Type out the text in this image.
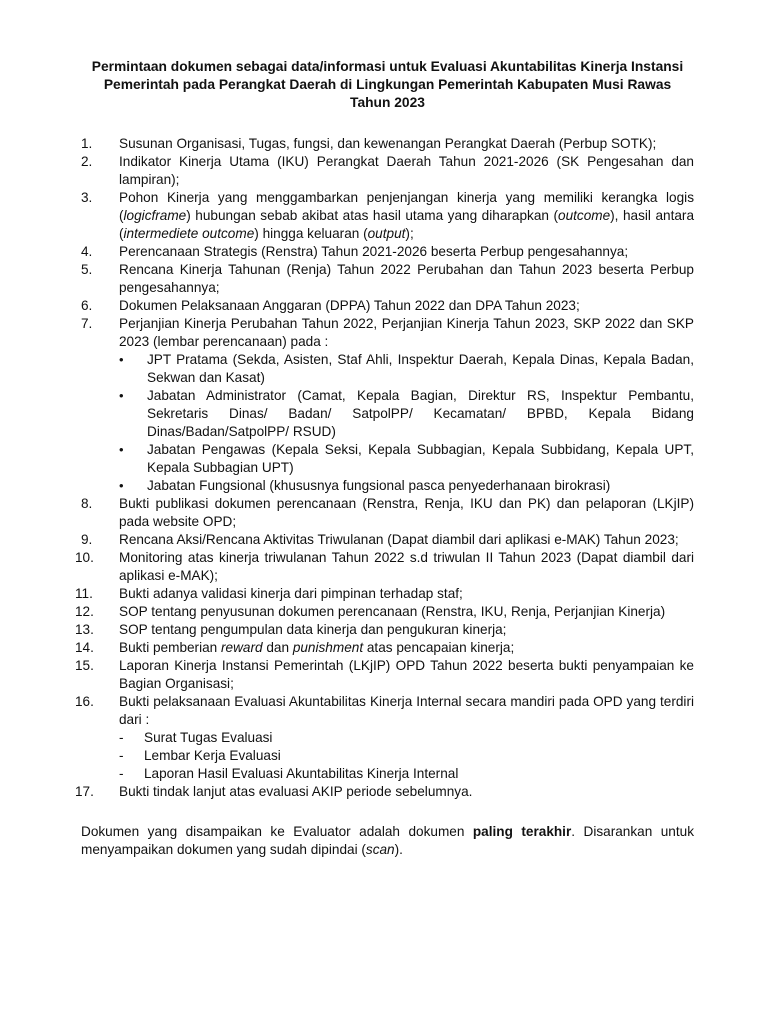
Permintaan dokumen sebagai data/informasi untuk Evaluasi Akuntabilitas Kinerja Instansi
Pemerintah pada Perangkat Daerah di Lingkungan Pemerintah Kabupaten Musi Rawas
Tahun 2023
1.	Susunan Organisasi, Tugas, fungsi, dan kewenangan Perangkat Daerah (Perbup SOTK);
2.	Indikator Kinerja Utama (IKU) Perangkat Daerah Tahun 2021-2026 (SK Pengesahan dan lampiran);
3.	Pohon Kinerja yang menggambarkan penjenjangan kinerja yang memiliki kerangka logis (logicframe) hubungan sebab akibat atas hasil utama yang diharapkan (outcome), hasil antara (intermediete outcome) hingga keluaran (output);
4.	Perencanaan Strategis (Renstra) Tahun 2021-2026 beserta Perbup pengesahannya;
5.	Rencana Kinerja Tahunan (Renja) Tahun 2022 Perubahan dan Tahun 2023 beserta Perbup pengesahannya;
6.	Dokumen Pelaksanaan Anggaran (DPPA) Tahun 2022 dan DPA Tahun 2023;
7.	Perjanjian Kinerja Perubahan Tahun 2022, Perjanjian Kinerja Tahun 2023, SKP 2022 dan SKP 2023 (lembar perencanaan) pada :
•	JPT Pratama (Sekda, Asisten, Staf Ahli, Inspektur Daerah, Kepala Dinas, Kepala Badan, Sekwan dan Kasat)
•	Jabatan Administrator (Camat, Kepala Bagian, Direktur RS, Inspektur Pembantu, Sekretaris Dinas/ Badan/ SatpolPP/ Kecamatan/ BPBD, Kepala Bidang Dinas/Badan/SatpolPP/ RSUD)
•	Jabatan Pengawas (Kepala Seksi, Kepala Subbagian, Kepala Subbidang, Kepala UPT, Kepala Subbagian UPT)
•	Jabatan Fungsional (khususnya fungsional pasca penyederhanaan birokrasi)
8.	Bukti publikasi dokumen perencanaan (Renstra, Renja, IKU dan PK) dan pelaporan (LKjIP) pada website OPD;
9.	Rencana Aksi/Rencana Aktivitas Triwulanan (Dapat diambil dari aplikasi e-MAK) Tahun 2023;
10.	Monitoring atas kinerja triwulanan Tahun 2022 s.d triwulan II Tahun 2023 (Dapat diambil dari aplikasi e-MAK);
11.	Bukti adanya validasi kinerja dari pimpinan terhadap staf;
12.	SOP tentang penyusunan dokumen perencanaan (Renstra, IKU, Renja, Perjanjian Kinerja)
13.	SOP tentang pengumpulan data kinerja dan pengukuran kinerja;
14.	Bukti pemberian reward dan punishment atas pencapaian kinerja;
15.	Laporan Kinerja Instansi Pemerintah (LKjIP) OPD Tahun 2022 beserta bukti penyampaian ke Bagian Organisasi;
16.	Bukti pelaksanaan Evaluasi Akuntabilitas Kinerja Internal secara mandiri pada OPD yang terdiri dari :
-	Surat Tugas Evaluasi
-	Lembar Kerja Evaluasi
-	Laporan Hasil Evaluasi Akuntabilitas Kinerja Internal
17.	Bukti tindak lanjut atas evaluasi AKIP periode sebelumnya.

Dokumen yang disampaikan ke Evaluator adalah dokumen paling terakhir. Disarankan untuk menyampaikan dokumen yang sudah dipindai (scan).
